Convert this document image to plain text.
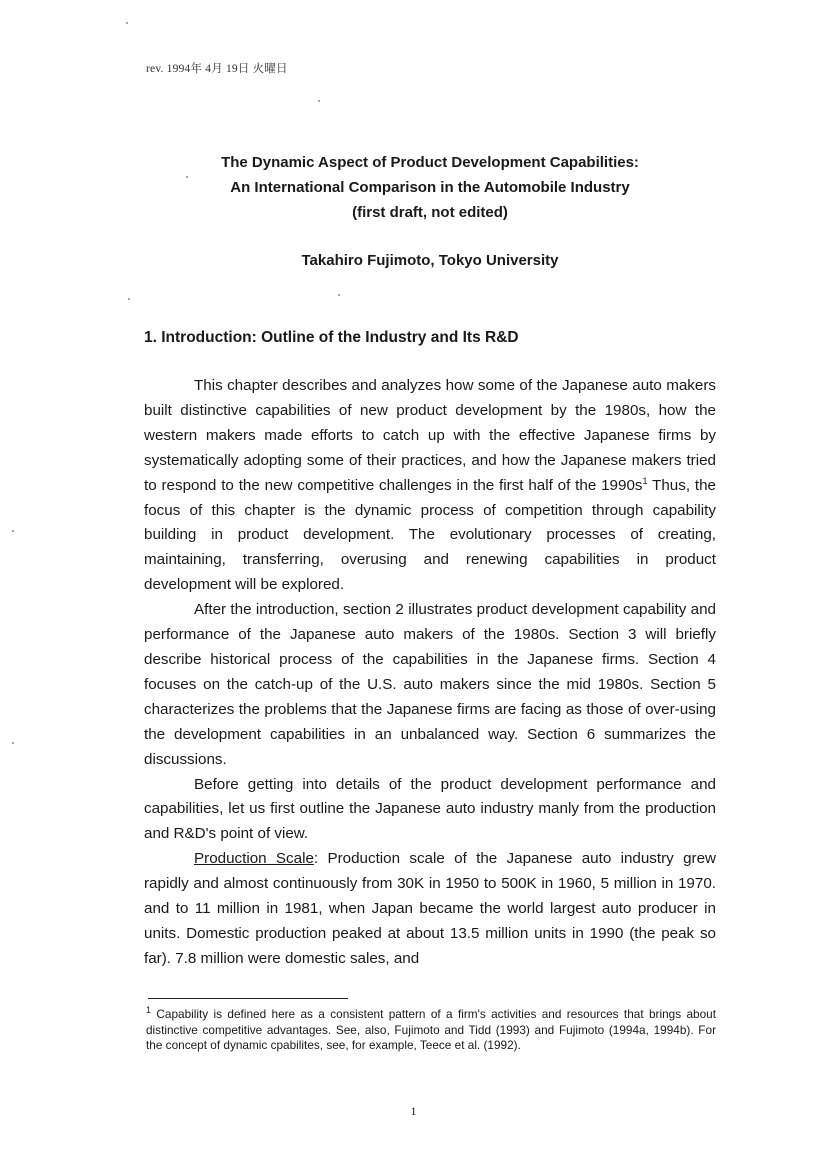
rev. 1994年 4月 19日 火曜日
The Dynamic Aspect of Product Development Capabilities:
An International Comparison in the Automobile Industry
(first draft, not edited)
Takahiro Fujimoto, Tokyo University
1. Introduction: Outline of the Industry and Its R&D

This chapter describes and analyzes how some of the Japanese auto makers built distinctive capabilities of new product development by the 1980s, how the western makers made efforts to catch up with the effective Japanese firms by systematically adopting some of their practices, and how the Japanese makers tried to respond to the new competitive challenges in the first half of the $1990s^1$ Thus, the focus of this chapter is the dynamic process of competition through capability building in product development. The evolutionary processes of creating, maintaining, transferring, overusing and renewing capabilities in product development will be explored.

After the introduction, section 2 illustrates product development capability and performance of the Japanese auto makers of the 1980s. Section 3 will briefly describe historical process of the capabilities in the Japanese firms. Section 4 focuses on the catch-up of the U.S. auto makers since the mid 1980s. Section 5 characterizes the problems that the Japanese firms are facing as those of over-using the development capabilities in an unbalanced way. Section 6 summarizes the discussions.

Before getting into details of the product development performance and capabilities, let us first outline the Japanese auto industry manly from the production and R&D's point of view.

Production Scale: Production scale of the Japanese auto industry grew rapidly and almost continuously from 30K in 1950 to 500K in 1960, 5 million in 1970. and to 11 million in 1981, when Japan became the world largest auto producer in units. Domestic production peaked at about 13.5 million units in 1990 (the peak so far). 7.8 million were domestic sales, and

$^1$ Capability is defined here as a consistent pattern of a firm's activities and resources that brings about distinctive competitive advantages. See, also, Fujimoto and Tidd (1993) and Fujimoto (1994a, 1994b). For the concept of dynamic cpabilites, see, for example, Teece et al. (1992).
1
